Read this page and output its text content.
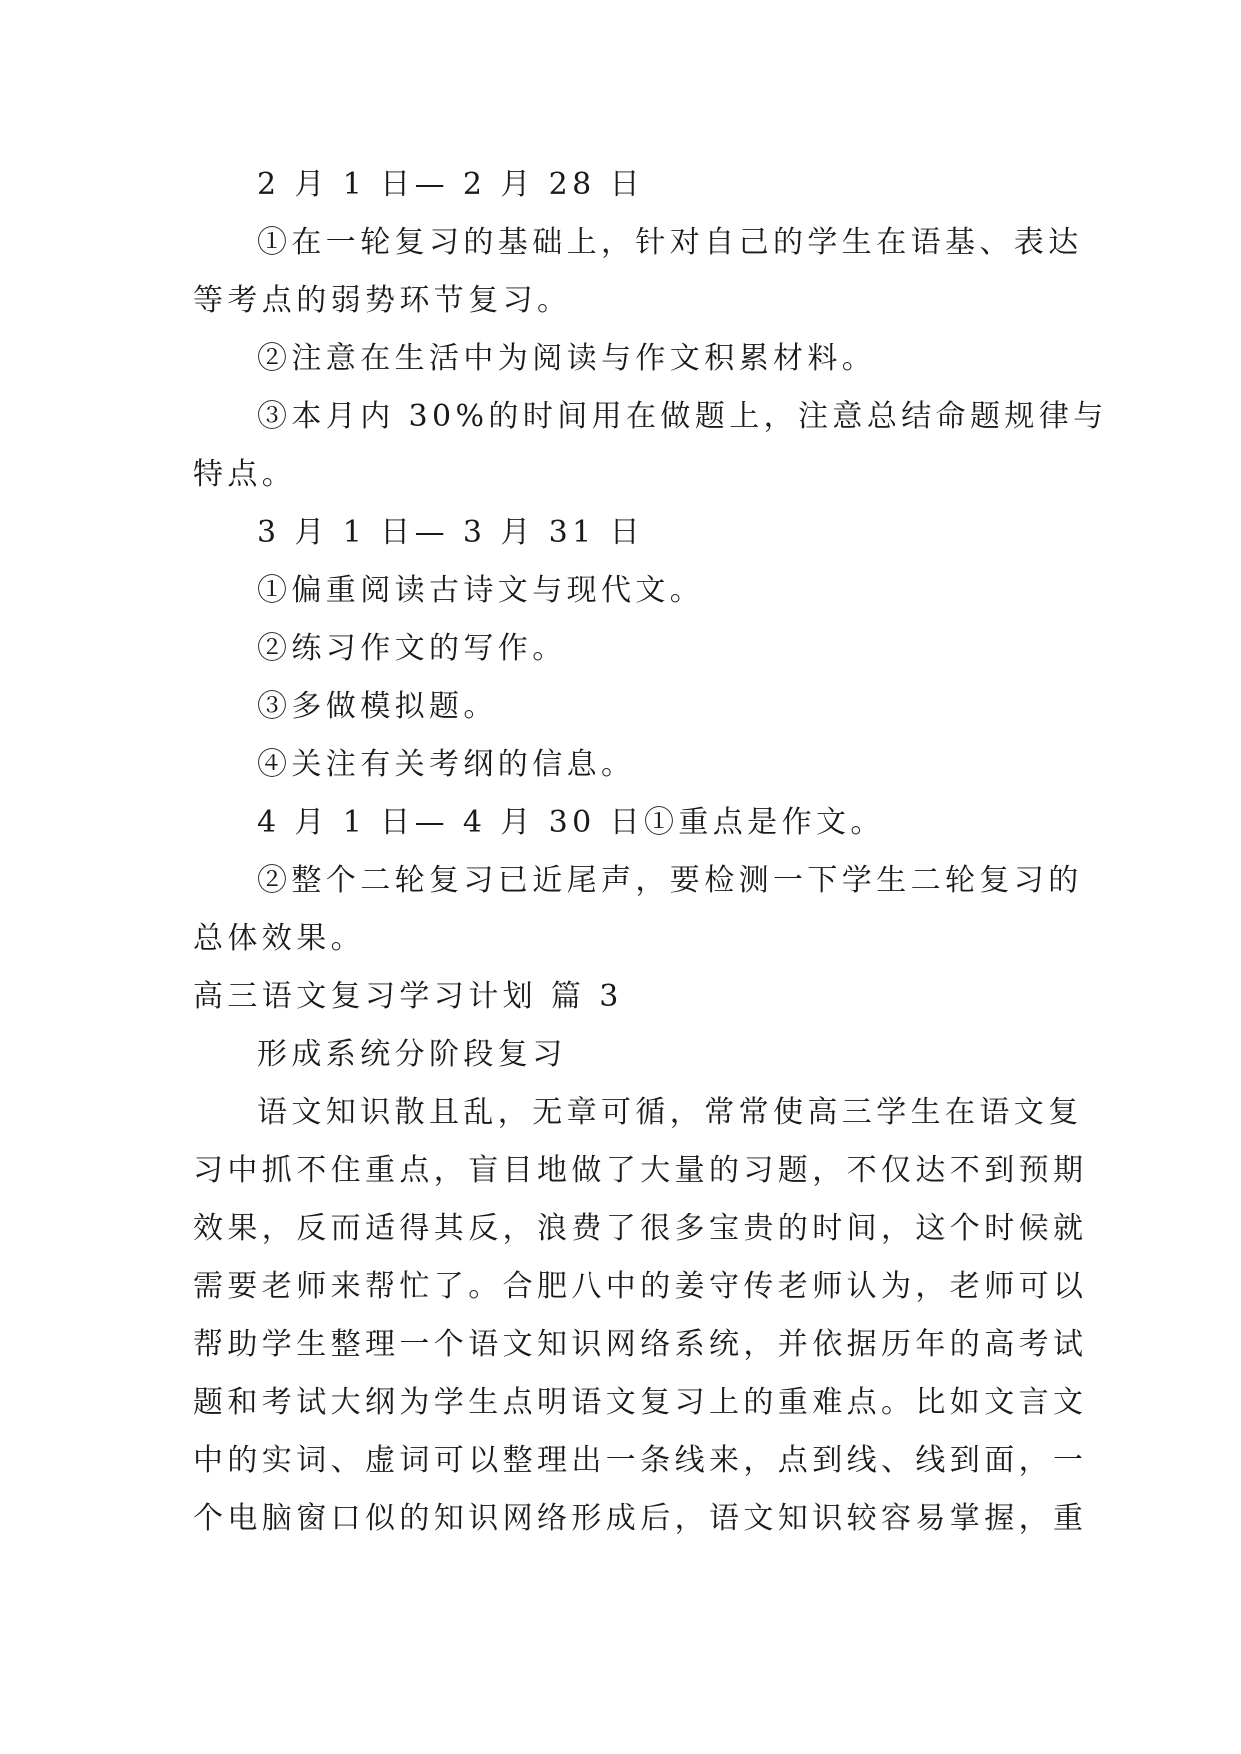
2 月 1 日— 2 月 28 日

①在一轮复习的基础上，针对自己的学生在语基、表达

等考点的弱势环节复习。

②注意在生活中为阅读与作文积累材料。

③本月内 30%的时间用在做题上，注意总结命题规律与

特点。

3 月 1 日— 3 月 31 日

①偏重阅读古诗文与现代文。

②练习作文的写作。

③多做模拟题。

④关注有关考纲的信息。

4 月 1 日— 4 月 30 日①重点是作文。

②整个二轮复习已近尾声，要检测一下学生二轮复习的

总体效果。

高三语文复习学习计划 篇 3

形成系统分阶段复习

语文知识散且乱，无章可循，常常使高三学生在语文复

习中抓不住重点，盲目地做了大量的习题，不仅达不到预期

效果，反而适得其反，浪费了很多宝贵的时间，这个时候就

需要老师来帮忙了。合肥八中的姜守传老师认为，老师可以

帮助学生整理一个语文知识网络系统，并依据历年的高考试

题和考试大纲为学生点明语文复习上的重难点。比如文言文

中的实词、虚词可以整理出一条线来，点到线、线到面，一

个电脑窗口似的知识网络形成后，语文知识较容易掌握，重
